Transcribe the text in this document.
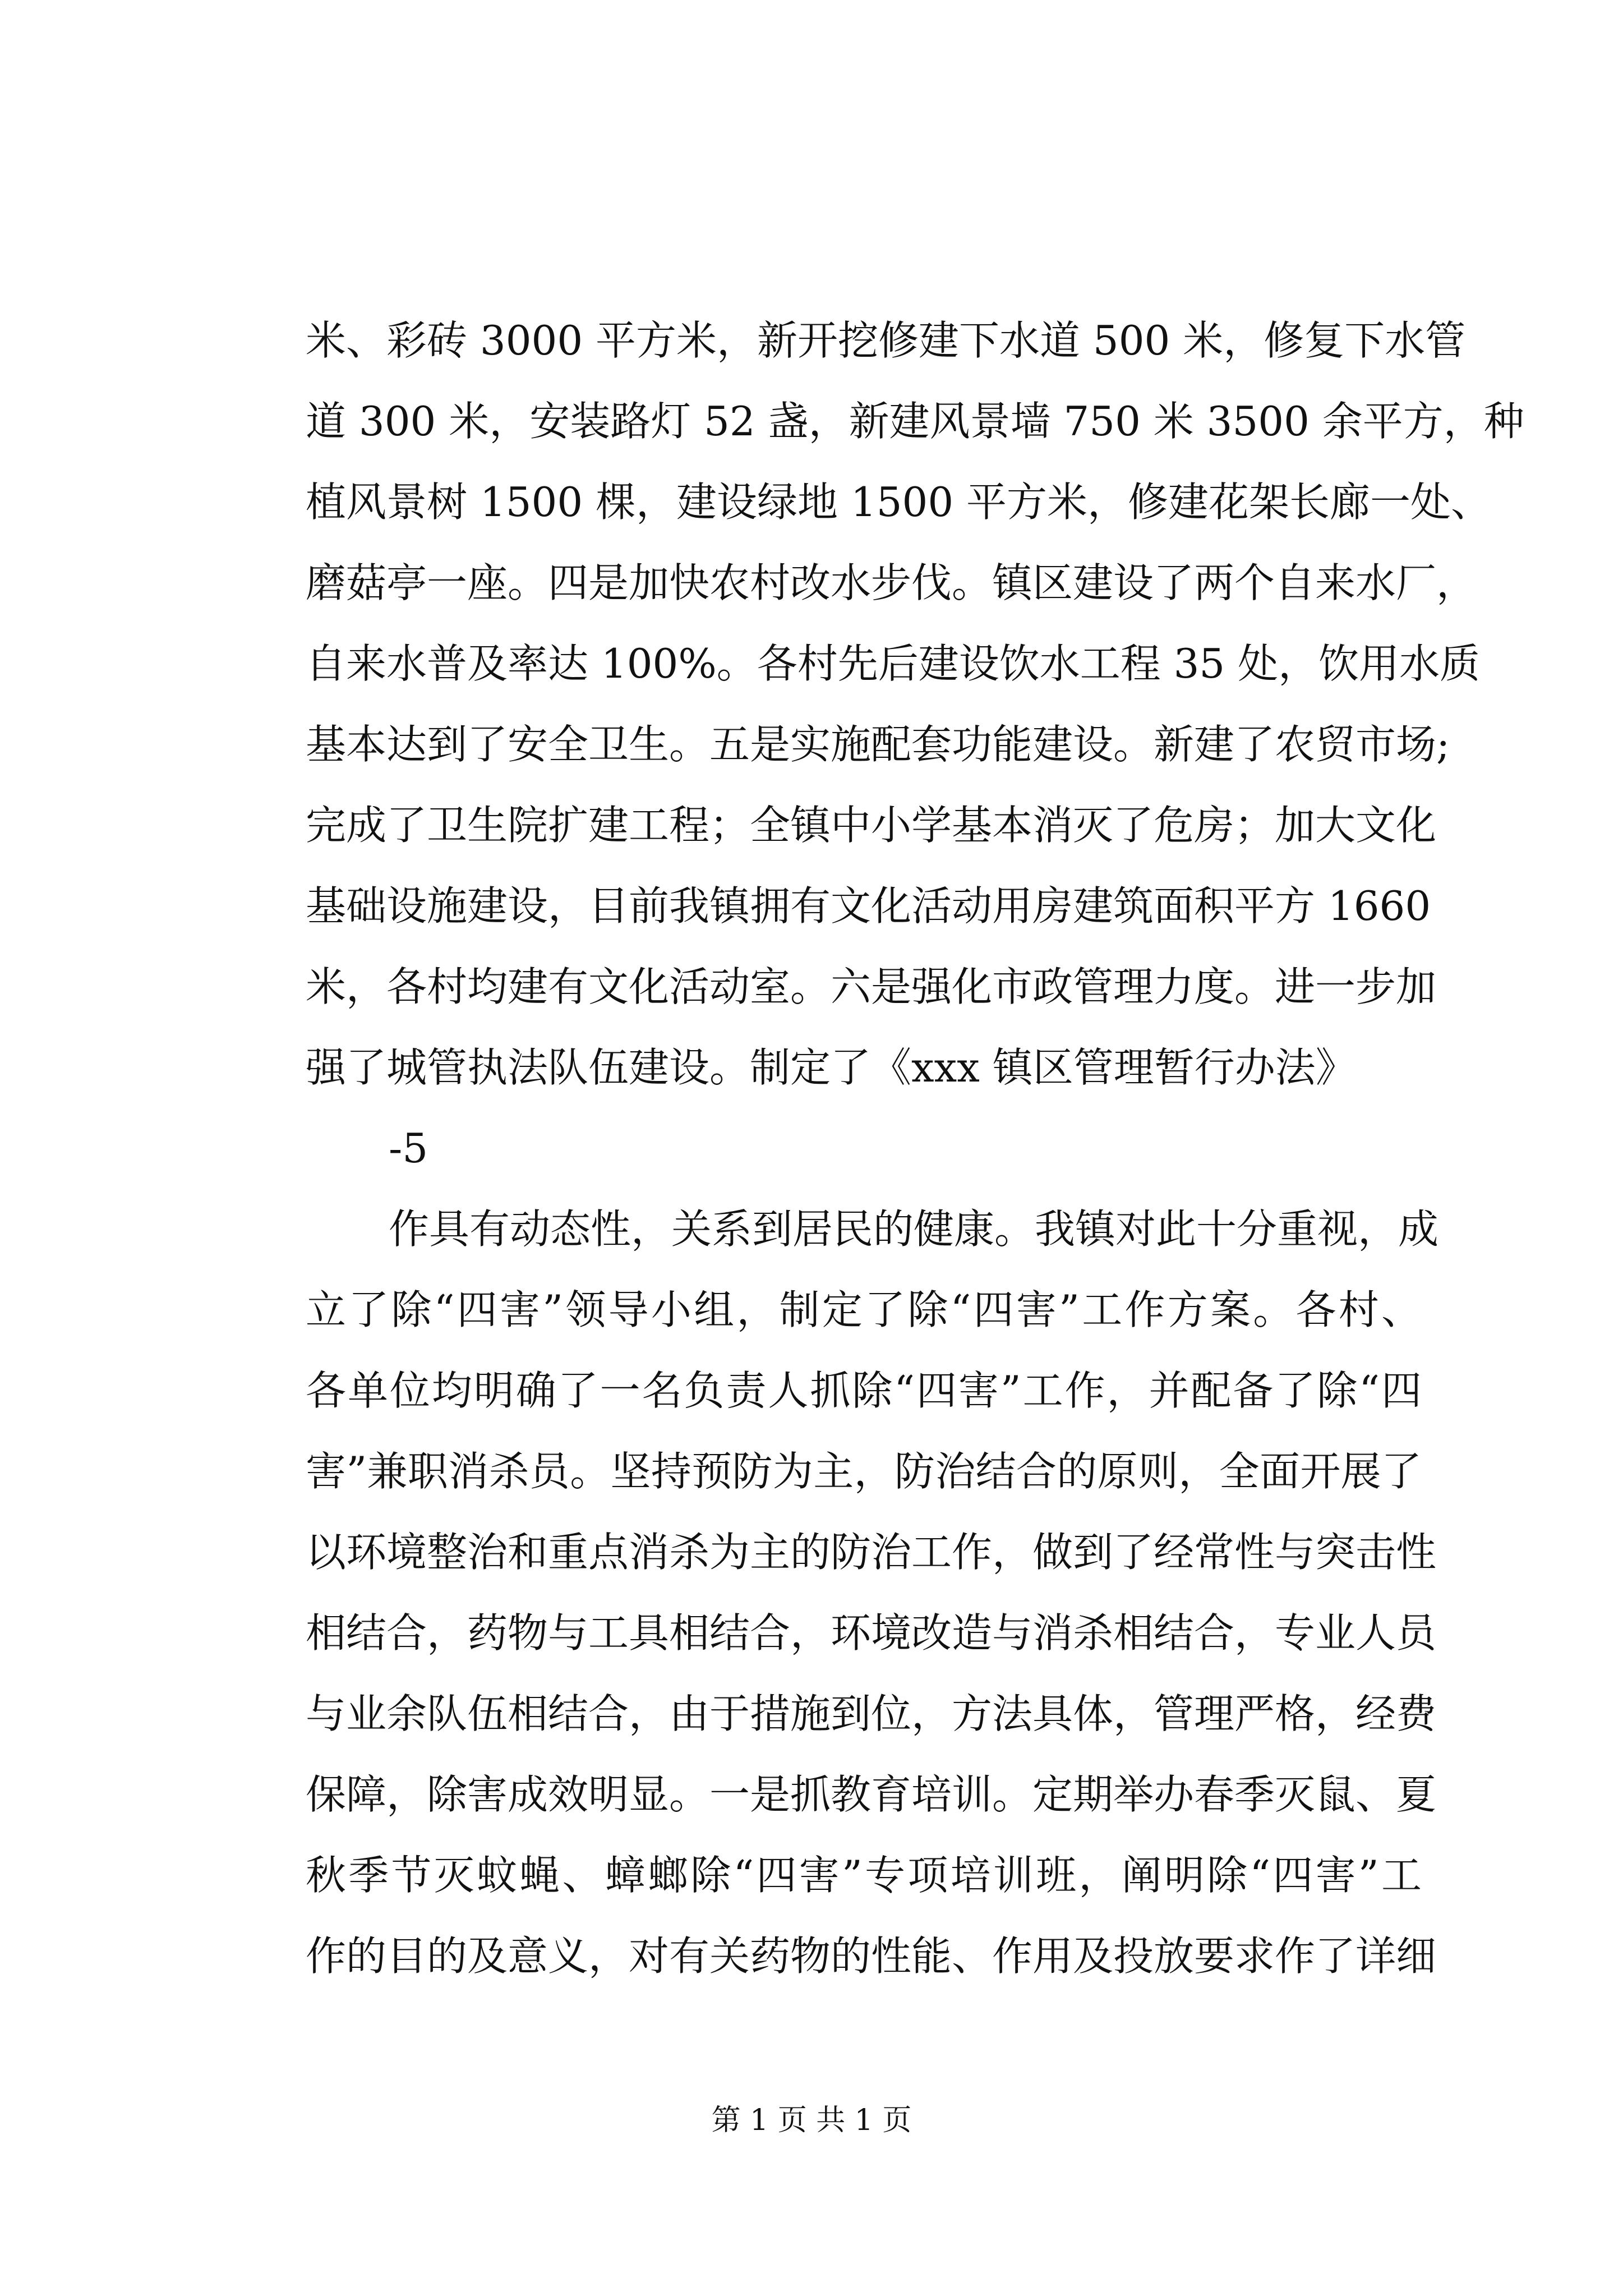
米、彩砖 3000 平方米，新开挖修建下水道 500 米，修复下水管
道 300 米，安装路灯 52 盏，新建风景墙 750 米 3500 余平方，种
植风景树 1500 棵，建设绿地 1500 平方米，修建花架长廊一处、
磨菇亭一座。四是加快农村改水步伐。镇区建设了两个自来水厂，
自来水普及率达 100%。各村先后建设饮水工程 35 处，饮用水质
基本达到了安全卫生。五是实施配套功能建设。新建了农贸市场;
完成了卫生院扩建工程；全镇中小学基本消灭了危房；加大文化
基础设施建设，目前我镇拥有文化活动用房建筑面积平方 1660
米，各村均建有文化活动室。六是强化市政管理力度。进一步加
强了城管执法队伍建设。制定了《xxx 镇区管理暂行办法》
-5
作具有动态性，关系到居民的健康。我镇对此十分重视，成
立了除“四害”领导小组，制定了除“四害”工作方案。各村、
各单位均明确了一名负责人抓除“四害”工作，并配备了除“四
害”兼职消杀员。坚持预防为主，防治结合的原则，全面开展了
以环境整治和重点消杀为主的防治工作，做到了经常性与突击性
相结合，药物与工具相结合，环境改造与消杀相结合，专业人员
与业余队伍相结合，由于措施到位，方法具体，管理严格，经费
保障，除害成效明显。一是抓教育培训。定期举办春季灭鼠、夏
秋季节灭蚊蝇、蟑螂除“四害”专项培训班，阐明除“四害”工
作的目的及意义，对有关药物的性能、作用及投放要求作了详细
第 1 页 共 1 页
